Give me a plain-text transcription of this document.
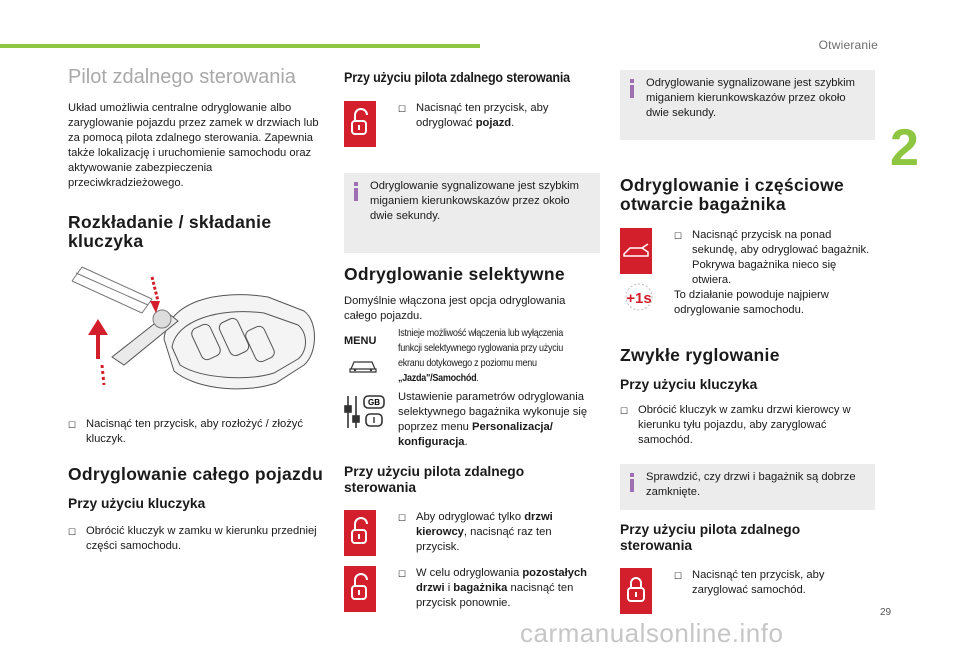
Otwieranie
2
29
carmanualsonline.info
Pilot zdalnego sterowania
Układ umożliwia centralne odryglowanie albo zaryglowanie pojazdu przez zamek w drzwiach lub za pomocą pilota zdalnego sterowania. Zapewnia także lokalizację i uruchomienie samochodu oraz aktywowanie zabezpieczenia przeciwkradzieżowego.
Rozkładanie / składanie kluczyka
☐ Nacisnąć ten przycisk, aby rozłożyć / złożyć kluczyk.
Odryglowanie całego pojazdu
Przy użyciu kluczyka
☐ Obrócić kluczyk w zamku w kierunku przedniej części samochodu.
Przy użyciu pilota zdalnego sterowania
☐ Nacisnąć ten przycisk, aby odryglować pojazd.
Odryglowanie sygnalizowane jest szybkim miganiem kierunkowskazów przez około dwie sekundy.
Odryglowanie selektywne
Domyślnie włączona jest opcja odryglowania całego pojazdu.
MENU
Istnieje możliwość włączenia lub wyłączenia funkcji selektywnego ryglowania przy użyciu ekranu dotykowego z poziomu menu „Jazda"/Samochód.
GB
I
Ustawienie parametrów odryglowania selektywnego bagażnika wykonuje się poprzez menu Personalizacja/ konfiguracja.
Przy użyciu pilota zdalnego sterowania
☐ Aby odryglować tylko drzwi kierowcy, nacisnąć raz ten przycisk.
☐ W celu odryglowania pozostałych drzwi i bagażnika nacisnąć ten przycisk ponownie.
Odryglowanie sygnalizowane jest szybkim miganiem kierunkowskazów przez około dwie sekundy.
Odryglowanie i częściowe otwarcie bagażnika
+1s
☐ Nacisnąć przycisk na ponad sekundę, aby odryglować bagażnik. Pokrywa bagażnika nieco się otwiera.
To działanie powoduje najpierw odryglowanie samochodu.
Zwykłe ryglowanie
Przy użyciu kluczyka
☐ Obrócić kluczyk w zamku drzwi kierowcy w kierunku tyłu pojazdu, aby zaryglować samochód.
Sprawdzić, czy drzwi i bagażnik są dobrze zamknięte.
Przy użyciu pilota zdalnego sterowania
☐ Nacisnąć ten przycisk, aby zaryglować samochód.
